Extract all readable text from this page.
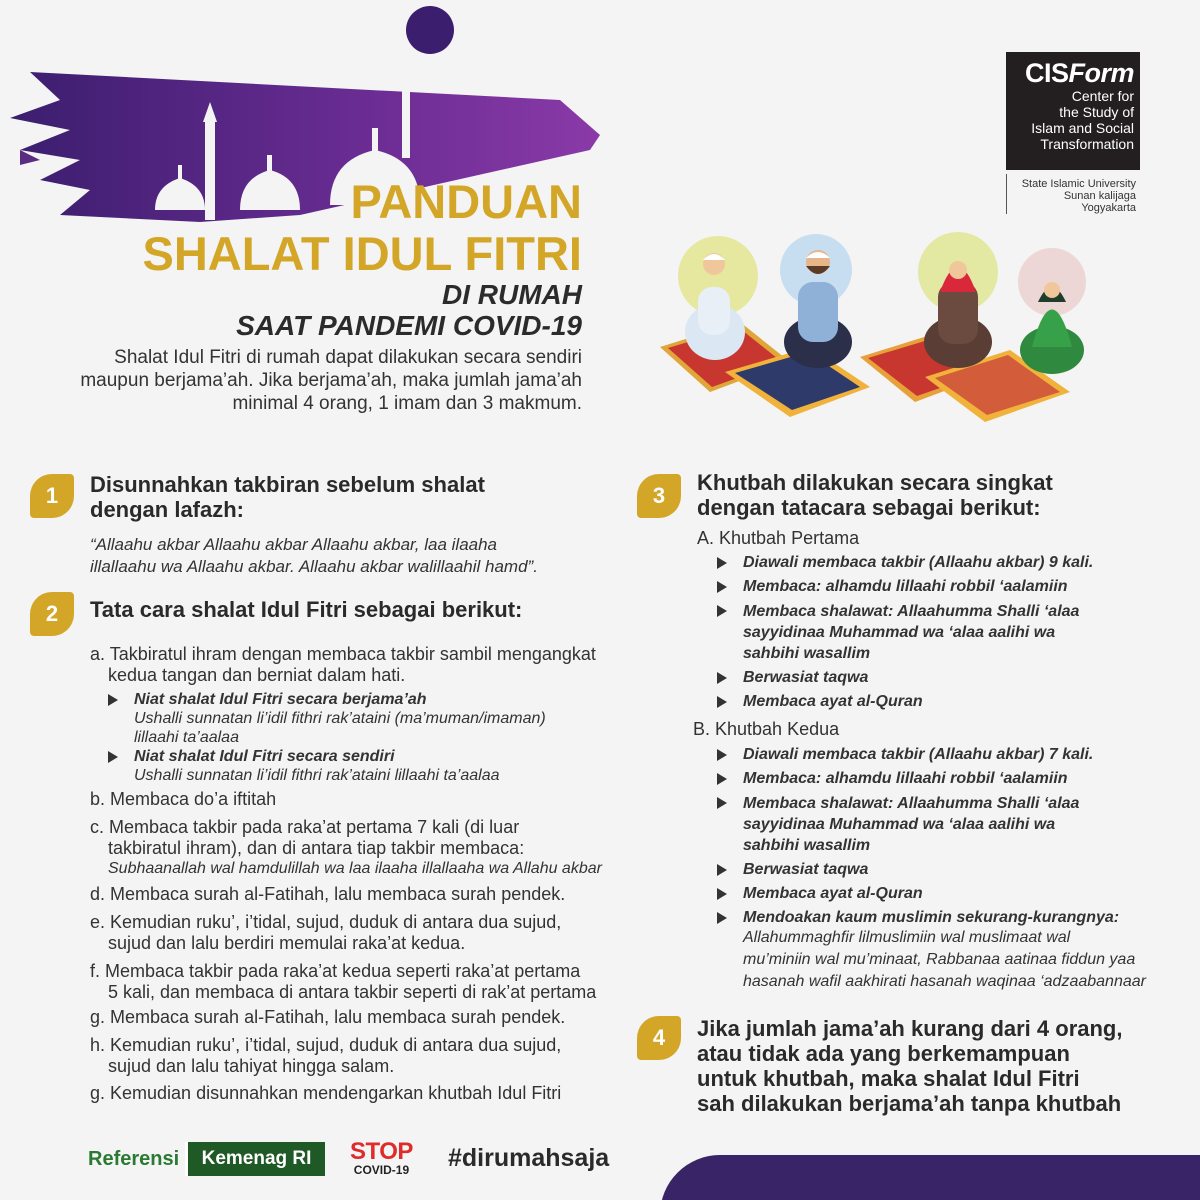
CISForm
Center for
the Study of
Islam and Social
Transformation
State Islamic University
Sunan kalijaga
Yogyakarta
PANDUAN
SHALAT IDUL FITRI
DI RUMAH
SAAT PANDEMI COVID-19
Shalat Idul Fitri di rumah dapat dilakukan secara sendiri
maupun berjama’ah. Jika berjama’ah, maka jumlah jama’ah
minimal 4 orang, 1 imam dan 3 makmum.
1	Disunnahkan takbiran sebelum shalat
dengan lafazh:
“Allaahu akbar Allaahu akbar Allaahu akbar, laa ilaaha
illallaahu wa Allaahu akbar. Allaahu akbar walillaahil hamd”.
2	Tata cara shalat Idul Fitri sebagai berikut:
a. Takbiratul ihram dengan membaca takbir sambil mengangkat
kedua tangan dan berniat dalam hati.
Niat shalat Idul Fitri secara berjama’ah
Ushalli sunnatan li’idil fithri rak’ataini (ma’muman/imaman)
lillaahi ta’aalaa
Niat shalat Idul Fitri secara sendiri
Ushalli sunnatan li’idil fithri rak’ataini lillaahi ta’aalaa
b. Membaca do’a iftitah
c. Membaca takbir pada raka’at pertama 7 kali (di luar
takbiratul ihram), dan di antara tiap takbir membaca:
Subhaanallah wal hamdulillah wa laa ilaaha illallaaha wa Allahu akbar
d. Membaca surah al-Fatihah, lalu membaca surah pendek.
e. Kemudian ruku’, i’tidal, sujud, duduk di antara dua sujud,
sujud dan lalu berdiri memulai raka’at kedua.
f. Membaca takbir pada raka’at kedua seperti raka’at pertama
5 kali, dan membaca di antara takbir seperti di rak’at pertama
g. Membaca surah al-Fatihah, lalu membaca surah pendek.
h. Kemudian ruku’, i’tidal, sujud, duduk di antara dua sujud,
sujud dan lalu tahiyat hingga salam.
g. Kemudian disunnahkan mendengarkan khutbah Idul Fitri
3
Khutbah dilakukan secara singkat
dengan tatacara sebagai berikut:
A. Khutbah Pertama
Diawali membaca takbir (Allaahu akbar) 9 kali.
Membaca: alhamdu lillaahi robbil ‘aalamiin
Membaca shalawat: Allaahumma Shalli ‘alaa
sayyidinaa Muhammad wa ‘alaa aalihi wa
sahbihi wasallim
Berwasiat taqwa
Membaca ayat al-Quran
B. Khutbah Kedua
Diawali membaca takbir (Allaahu akbar) 7 kali.
Membaca: alhamdu lillaahi robbil ‘aalamiin
Membaca shalawat: Allaahumma Shalli ‘alaa
sayyidinaa Muhammad wa ‘alaa aalihi wa
sahbihi wasallim
Berwasiat taqwa
Membaca ayat al-Quran
Mendoakan kaum muslimin sekurang-kurangnya:
Allahummaghfir lilmuslimiin wal muslimaat wal
mu’miniin wal mu’minaat, Rabbanaa aatinaa fiddun yaa
hasanah wafil aakhirati hasanah waqinaa ‘adzaabannaar
4	Jika jumlah jama’ah kurang dari 4 orang,
atau tidak ada yang berkemampuan
untuk khutbah, maka shalat Idul Fitri
sah dilakukan berjama’ah tanpa khutbah
Referensi	Kemenag RI	STOP
COVID-19 #dirumahsaja
